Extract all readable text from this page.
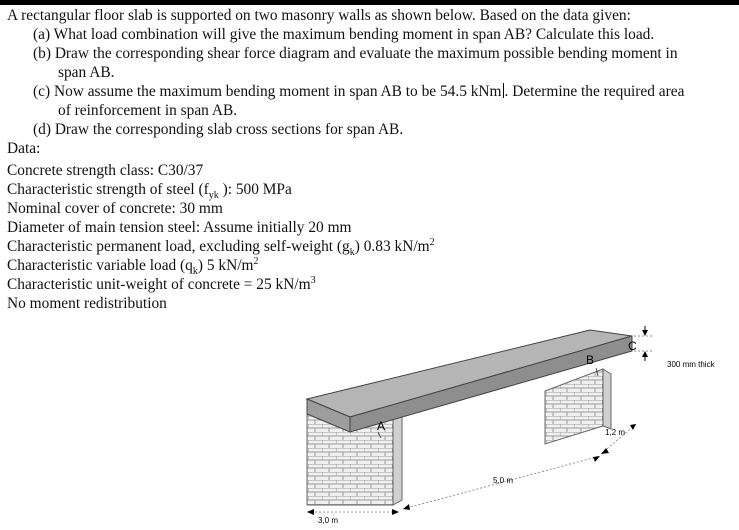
A rectangular floor slab is supported on two masonry walls as shown below. Based on the data given:
(a) What load combination will give the maximum bending moment in span AB? Calculate this load.
(b) Draw the corresponding shear force diagram and evaluate the maximum possible bending moment in
span AB.
(c) Now assume the maximum bending moment in span AB to be 54.5 kNm . Determine the required area
of reinforcement in span AB.
(d) Draw the corresponding slab cross sections for span AB.
Data:
Concrete strength class: C30/37
Characteristic strength of steel ($f_{yk}$ ): 500 MPa
Nominal cover of concrete: 30 mm
Diameter of main tension steel: Assume initially 20 mm
Characteristic permanent load, excluding self-weight $(g_k)$ 0.83 $kN/m^2$
Characteristic variable load $(q_k)$ 5 $kN/m^2$
Characteristic unit-weight of concrete = 25 $kN/m^3$
No moment redistribution
A
B
C
3,0 m
5,0 m
1,2 m
300 mm thick
